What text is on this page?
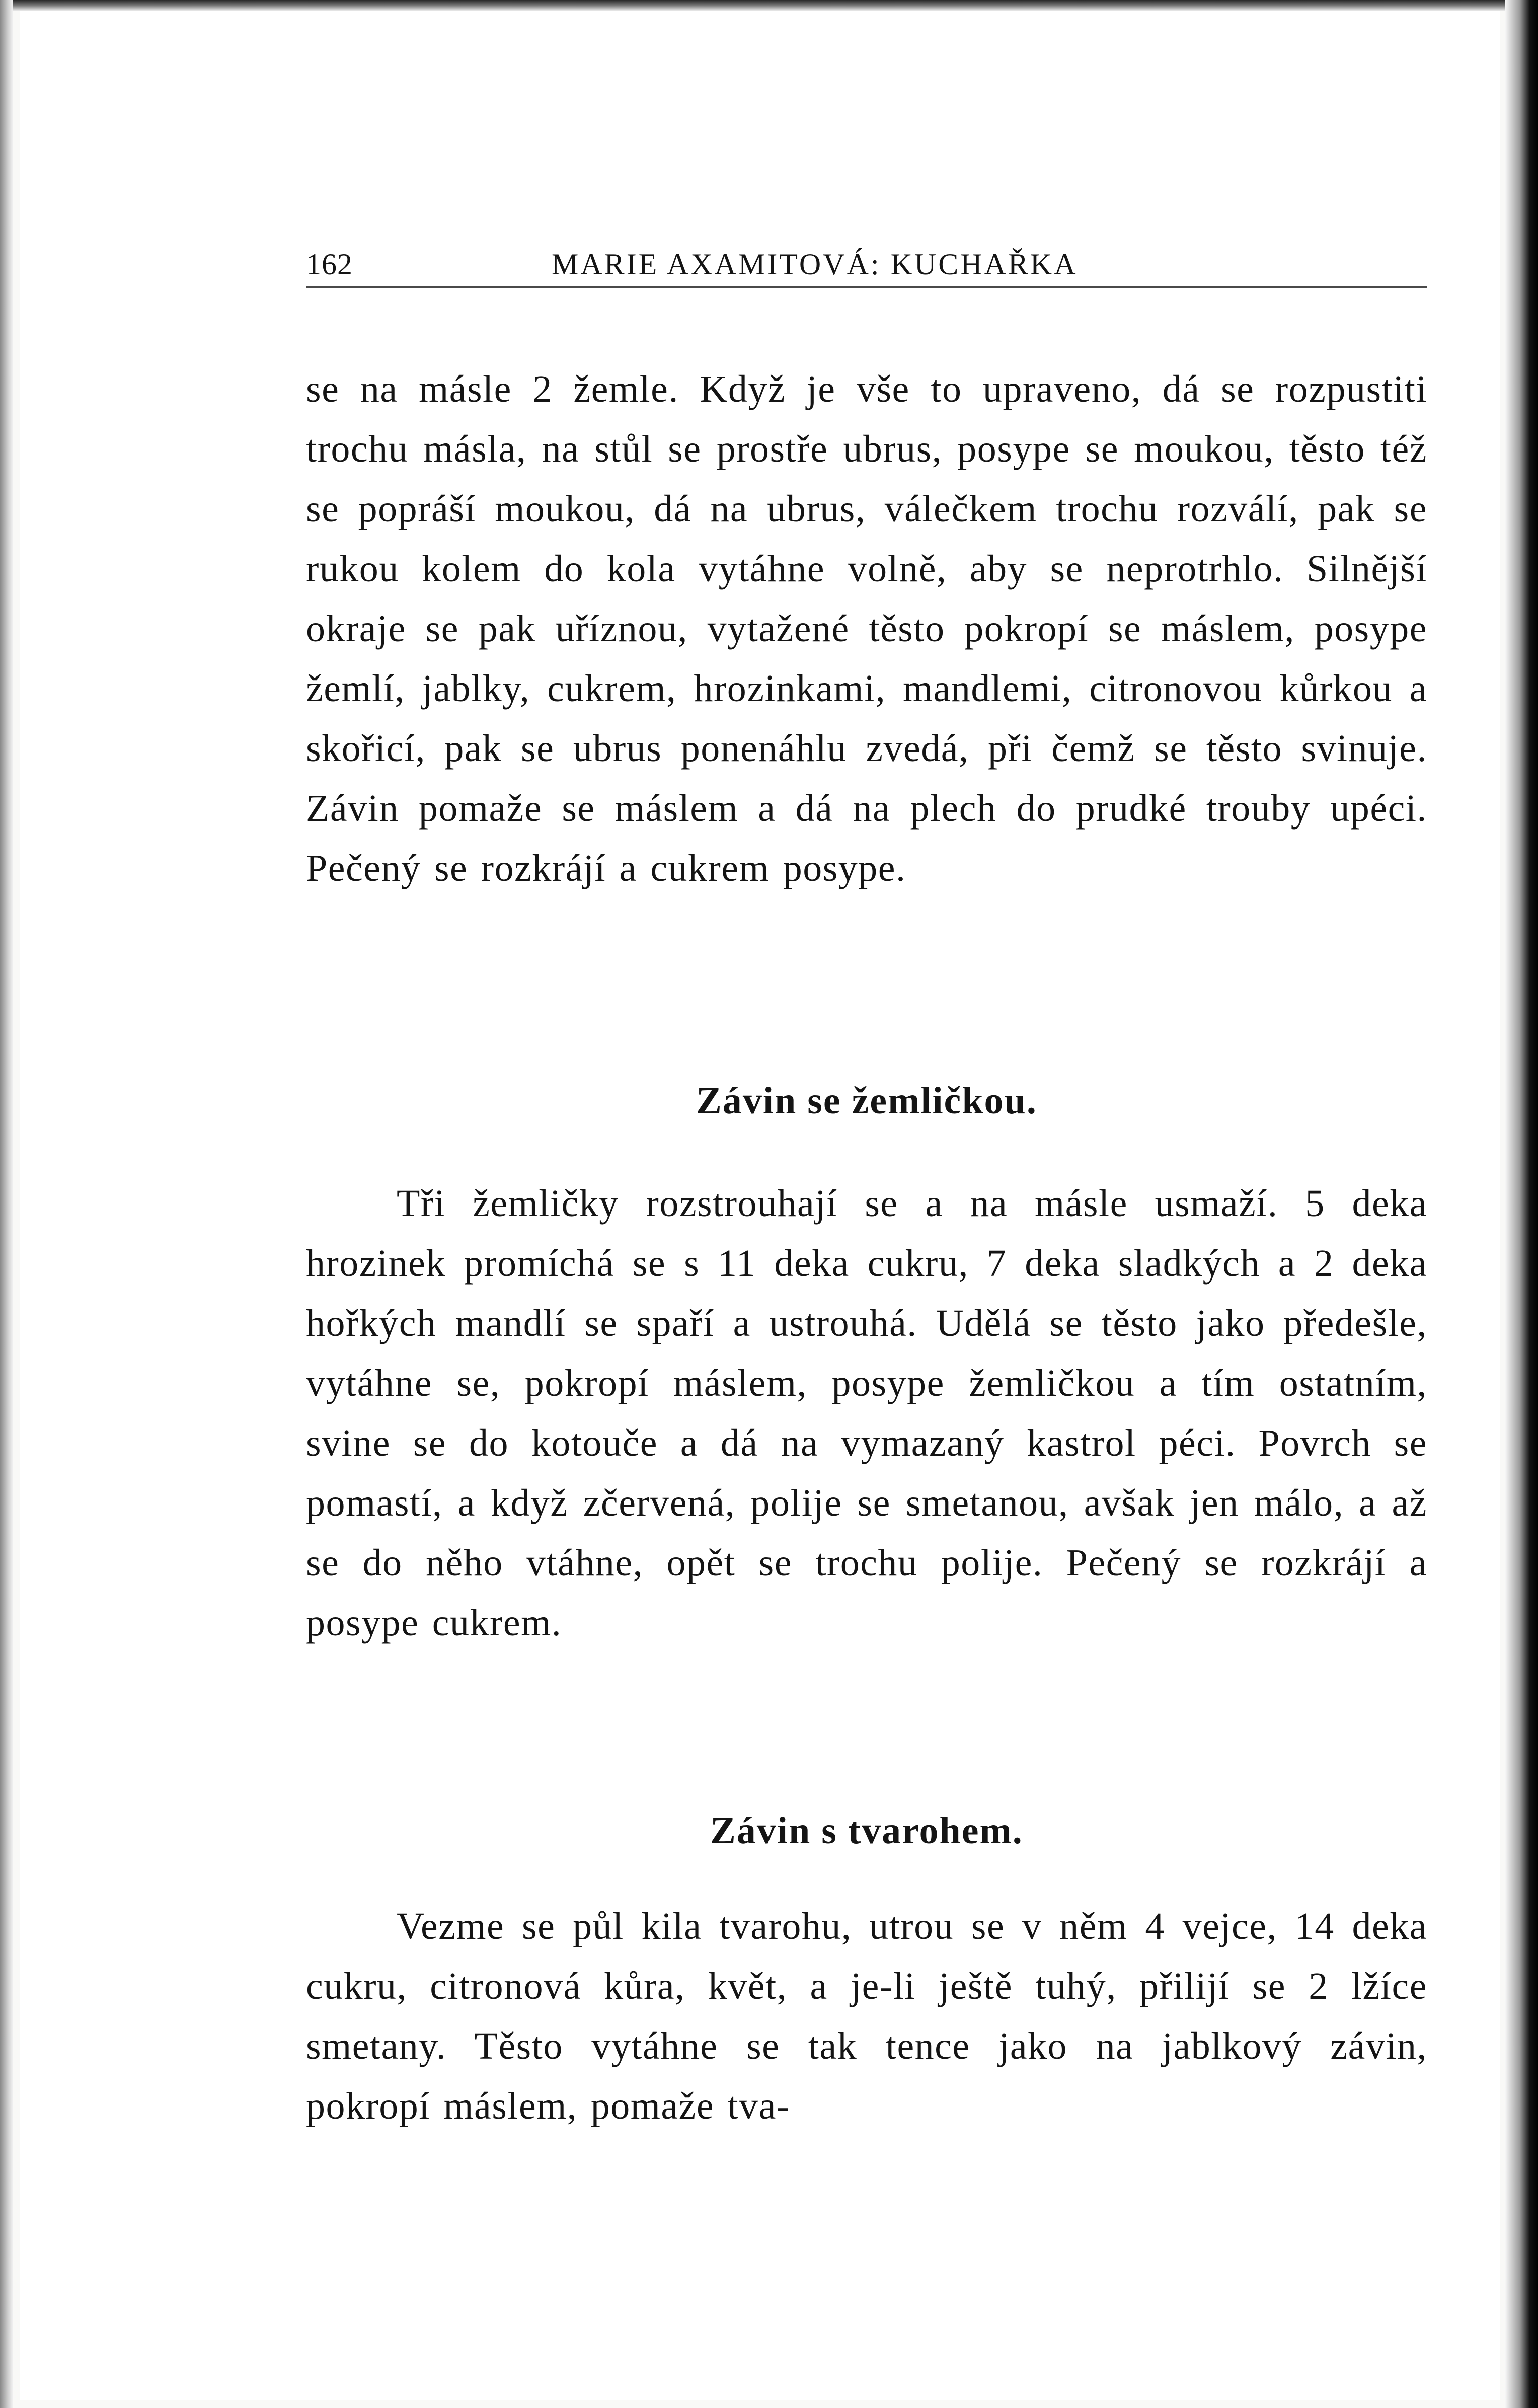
162	MARIE AXAMITOVÁ: KUCHAŘKA

se na másle 2 žemle. Když je vše to upraveno, dá se rozpustiti trochu másla, na stůl se prostře ubrus, posype se moukou, těsto též se popráší moukou, dá na ubrus, válečkem trochu rozválí, pak se rukou kolem do kola vytáhne volně, aby se neprotrhlo. Silnější okraje se pak uříznou, vytažené těsto pokropí se máslem, posype žemlí, jablky, cukrem, hrozinkami, mandlemi, citronovou kůrkou a skořicí, pak se ubrus ponenáhlu zvedá, při čemž se těsto svinuje. Závin pomaže se máslem a dá na plech do prudké trouby upéci. Pečený se rozkrájí a cukrem posype.

Závin se žemličkou.

Tři žemličky rozstrouhají se a na másle usmaží. 5 deka hrozinek promíchá se s 11 deka cukru, 7 deka sladkých a 2 deka hořkých mandlí se spaří a ustrouhá. Udělá se těsto jako předešle, vytáhne se, pokropí máslem, posype žemličkou a tím ostatním, svine se do kotouče a dá na vymazaný kastrol péci. Povrch se pomastí, a když zčervená, polije se smetanou, avšak jen málo, a až se do něho vtáhne, opět se trochu polije. Pečený se rozkrájí a posype cukrem.

Závin s tvarohem.

Vezme se půl kila tvarohu, utrou se v něm 4 vejce, 14 deka cukru, citronová kůra, květ, a je-li ještě tuhý, přilijí se 2 lžíce smetany. Těsto vytáhne se tak tence jako na jablkový závin, pokropí máslem, pomaže tva-
